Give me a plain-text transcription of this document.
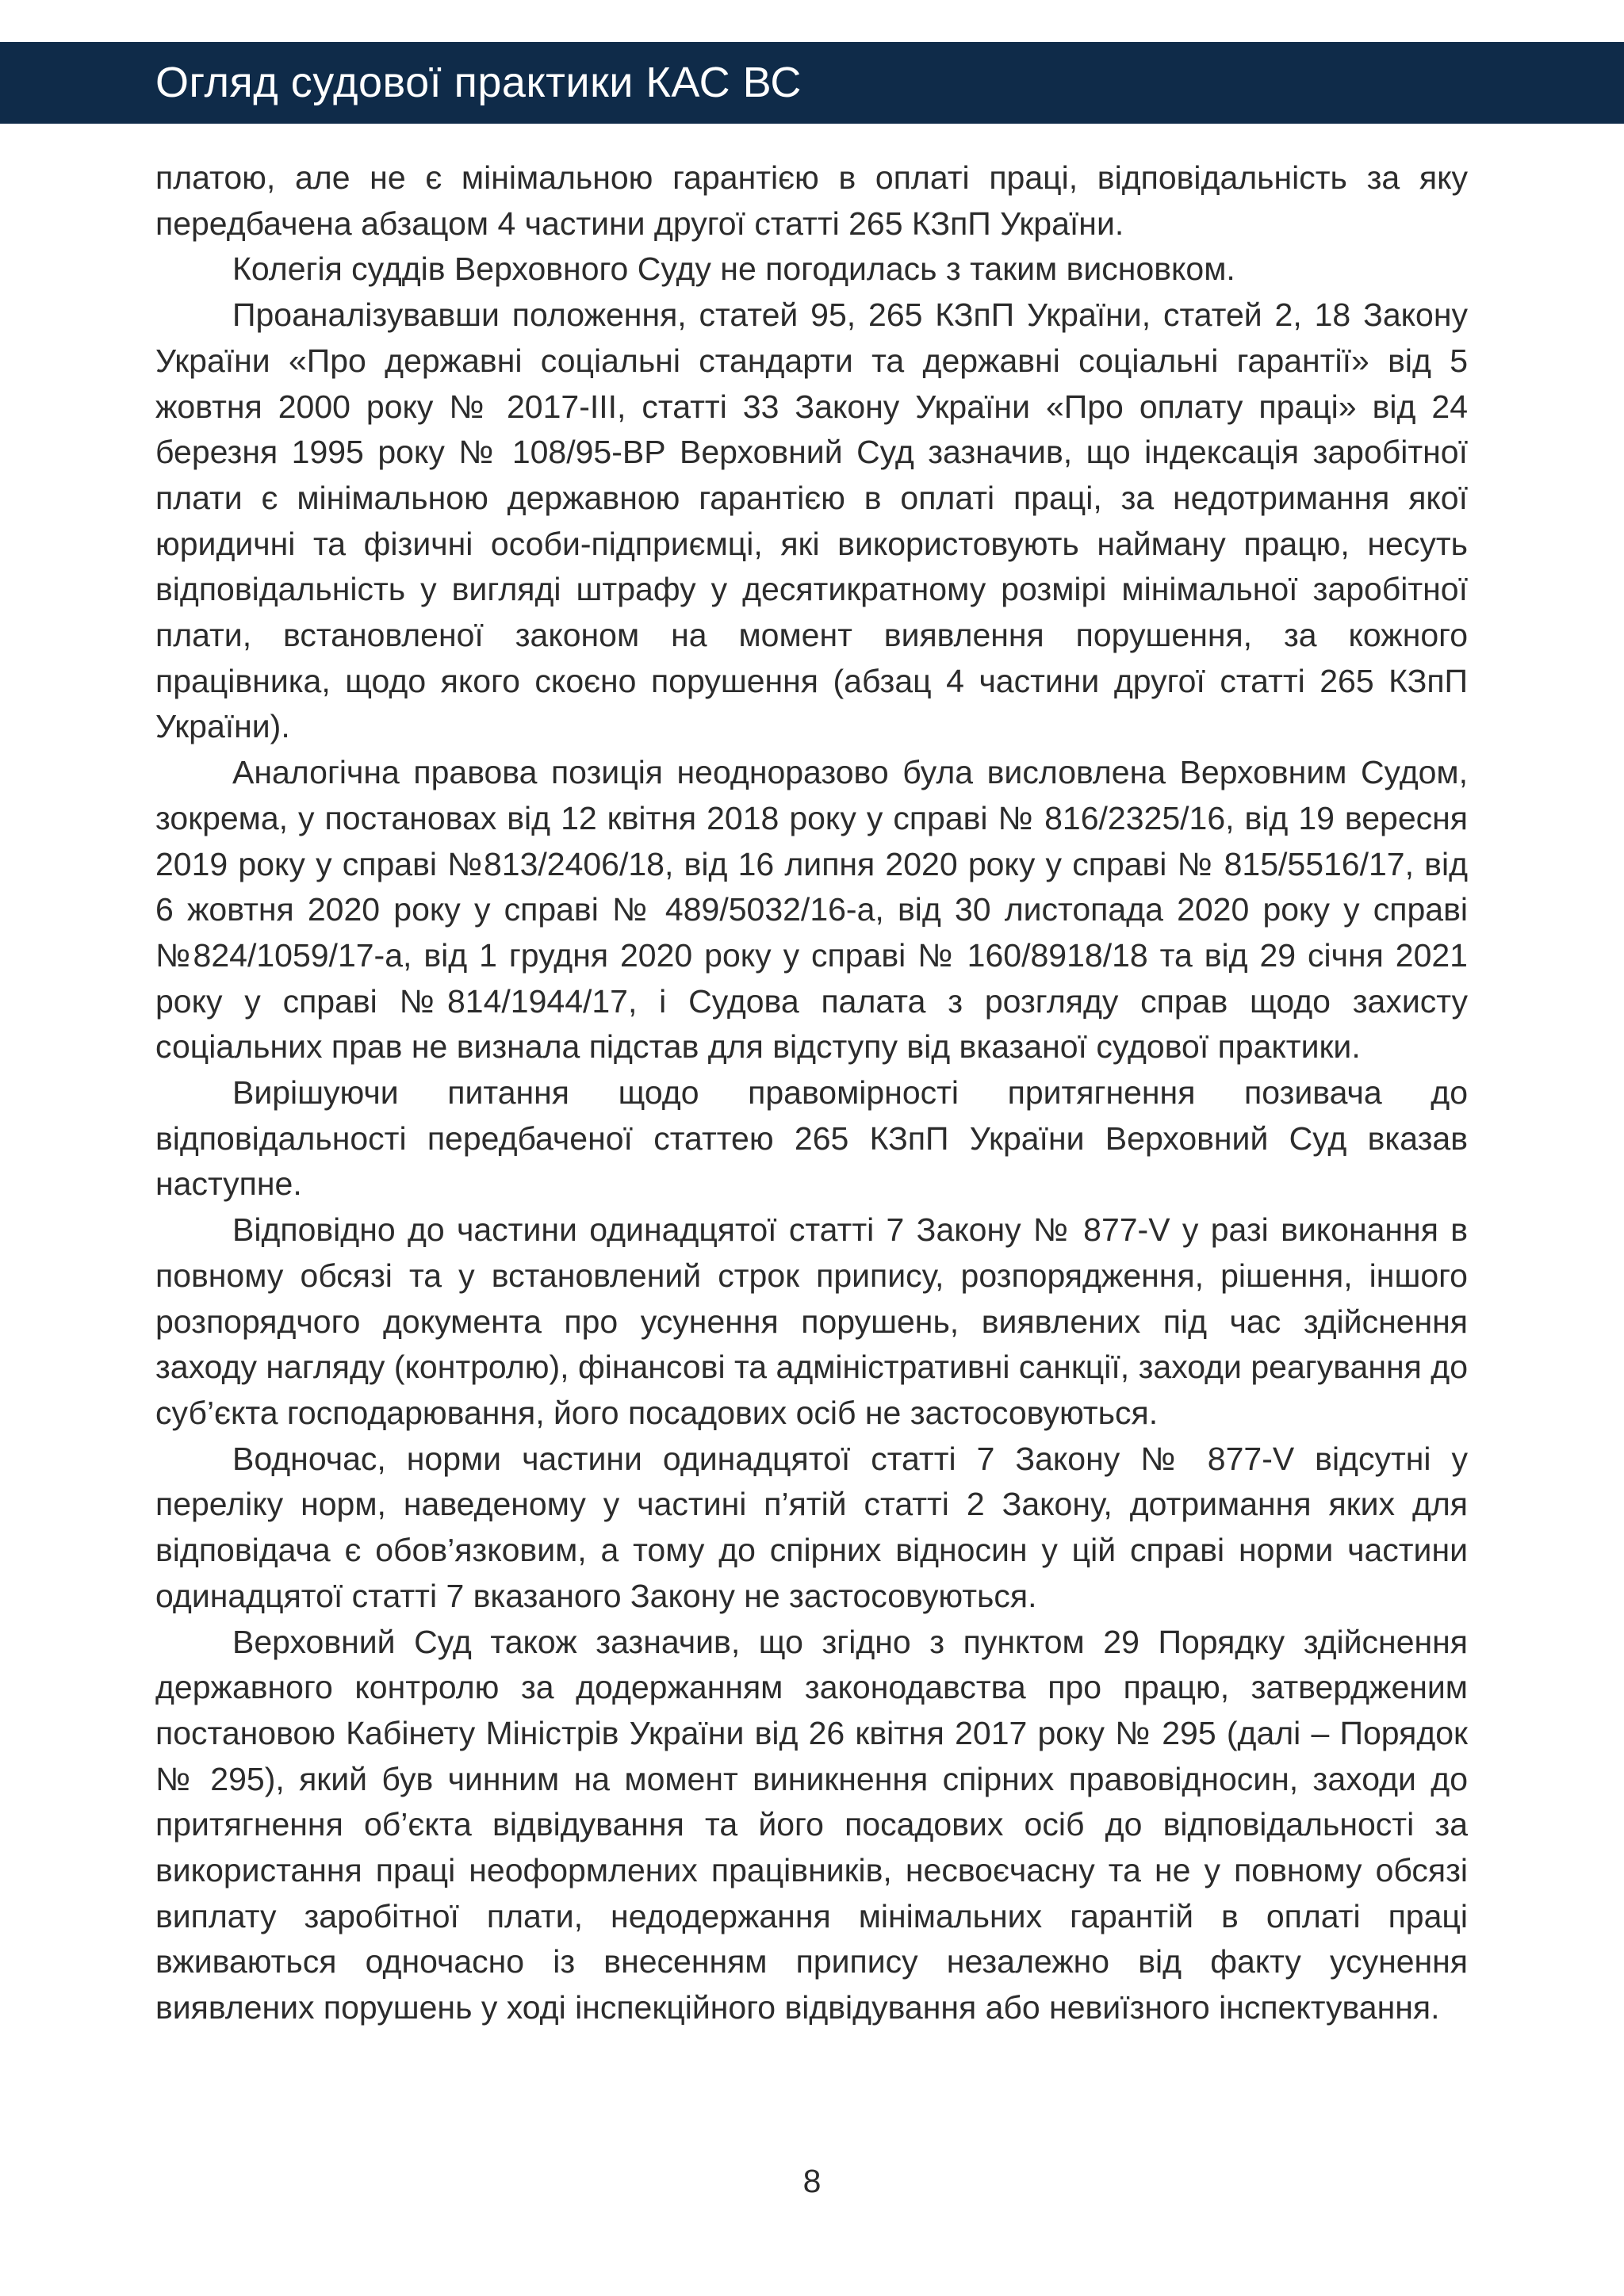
Огляд судової практики КАС ВС

платою, але не є мінімальною гарантією в оплаті праці, відповідальність за яку передбачена абзацом 4 частини другої статті 265 КЗпП України.

Колегія суддів Верховного Суду не погодилась з таким висновком.

Проаналізувавши положення, статей 95, 265 КЗпП України, статей 2, 18 Закону України «Про державні соціальні стандарти та державні соціальні гарантії» від 5 жовтня 2000 року № 2017-ІІІ, статті 33 Закону України «Про оплату праці» від 24 березня 1995 року № 108/95-ВР Верховний Суд зазначив, що індексація заробітної плати є мінімальною державною гарантією в оплаті праці, за недотримання якої юридичні та фізичні особи-підприємці, які використовують найману працю, несуть відповідальність у вигляді штрафу у десятикратному розмірі мінімальної заробітної плати, встановленої законом на момент виявлення порушення, за кожного працівника, щодо якого скоєно порушення (абзац 4 частини другої статті 265 КЗпП України).

Аналогічна правова позиція неодноразово була висловлена Верховним Судом, зокрема, у постановах від 12 квітня 2018 року у справі № 816/2325/16, від 19 вересня 2019 року у справі №813/2406/18, від 16 липня 2020 року у справі № 815/5516/17, від 6 жовтня 2020 року у справі № 489/5032/16-а, від 30 листопада 2020 року у справі №824/1059/17-а, від 1 грудня 2020 року у справі № 160/8918/18 та від 29 січня 2021 року у справі №814/1944/17, і Судова палата з розгляду справ щодо захисту соціальних прав не визнала підстав для відступу від вказаної судової практики.

Вирішуючи питання щодо правомірності притягнення позивача до відповідальності передбаченої статтею 265 КЗпП України Верховний Суд вказав наступне.

Відповідно до частини одинадцятої статті 7 Закону № 877-V у разі виконання в повному обсязі та у встановлений строк припису, розпорядження, рішення, іншого розпорядчого документа про усунення порушень, виявлених під час здійснення заходу нагляду (контролю), фінансові та адміністративні санкції, заходи реагування до суб’єкта господарювання, його посадових осіб не застосовуються.

Водночас, норми частини одинадцятої статті 7 Закону № 877-V відсутні у переліку норм, наведеному у частині п’ятій статті 2 Закону, дотримання яких для відповідача є обов’язковим, а тому до спірних відносин у цій справі норми частини одинадцятої статті 7 вказаного Закону не застосовуються.

Верховний Суд також зазначив, що згідно з пунктом 29 Порядку здійснення державного контролю за додержанням законодавства про працю, затвердженим постановою Кабінету Міністрів України від 26 квітня 2017 року № 295 (далі – Порядок № 295), який був чинним на момент виникнення спірних правовідносин, заходи до притягнення об’єкта відвідування та його посадових осіб до відповідальності за використання праці неоформлених працівників, несвоєчасну та не у повному обсязі виплату заробітної плати, недодержання мінімальних гарантій в оплаті праці вживаються одночасно із внесенням припису незалежно від факту усунення виявлених порушень у ході інспекційного відвідування або невиїзного інспектування.

8
